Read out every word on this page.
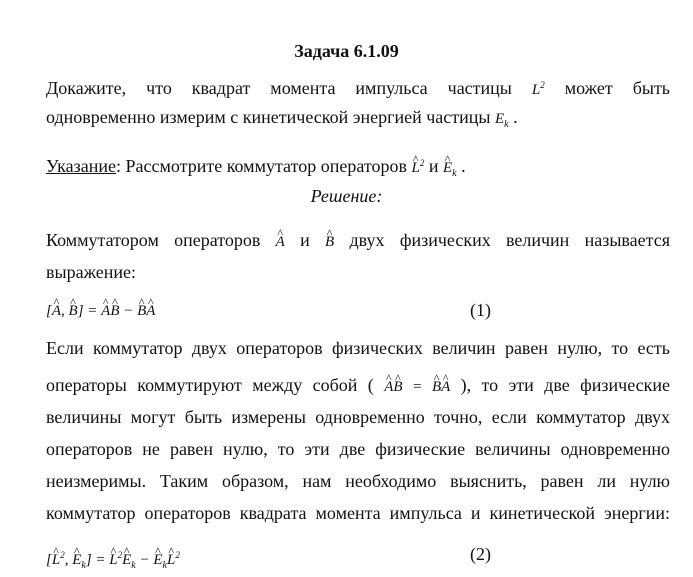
Задача 6.1.09
Докажите, что квадрат момента импульса частицы $L^2$ может быть
одновременно измерим с кинетической энергией частицы $E_k$ .
Указание: Рассмотрите коммутатор операторов ^ $L^2$ и ^ $E_k$ .
Решение:
Коммутатором операторов ^ A и ^ B двух физических величин называется
выражение:
[^ A, ^ B] = ^ A^ B − ^ B^ A	(1)
Если коммутатор двух операторов физических величин равен нулю, то есть
операторы коммутируют между собой ( ^ A^ B = ^ B^ A ), то эти две физические
величины могут быть измерены одновременно точно, если коммутатор двух
операторов не равен нулю, то эти две физические величины одновременно
неизмеримы. Таким образом, нам необходимо выяснить, равен ли нулю
коммутатор операторов квадрата момента импульса и кинетической энергии:
[^ $L^2$, ^ $E_k$] = ^ $L^2\^{}$ $E_k$ − ^ $E_k\^{}$ $L^2$	(2)
